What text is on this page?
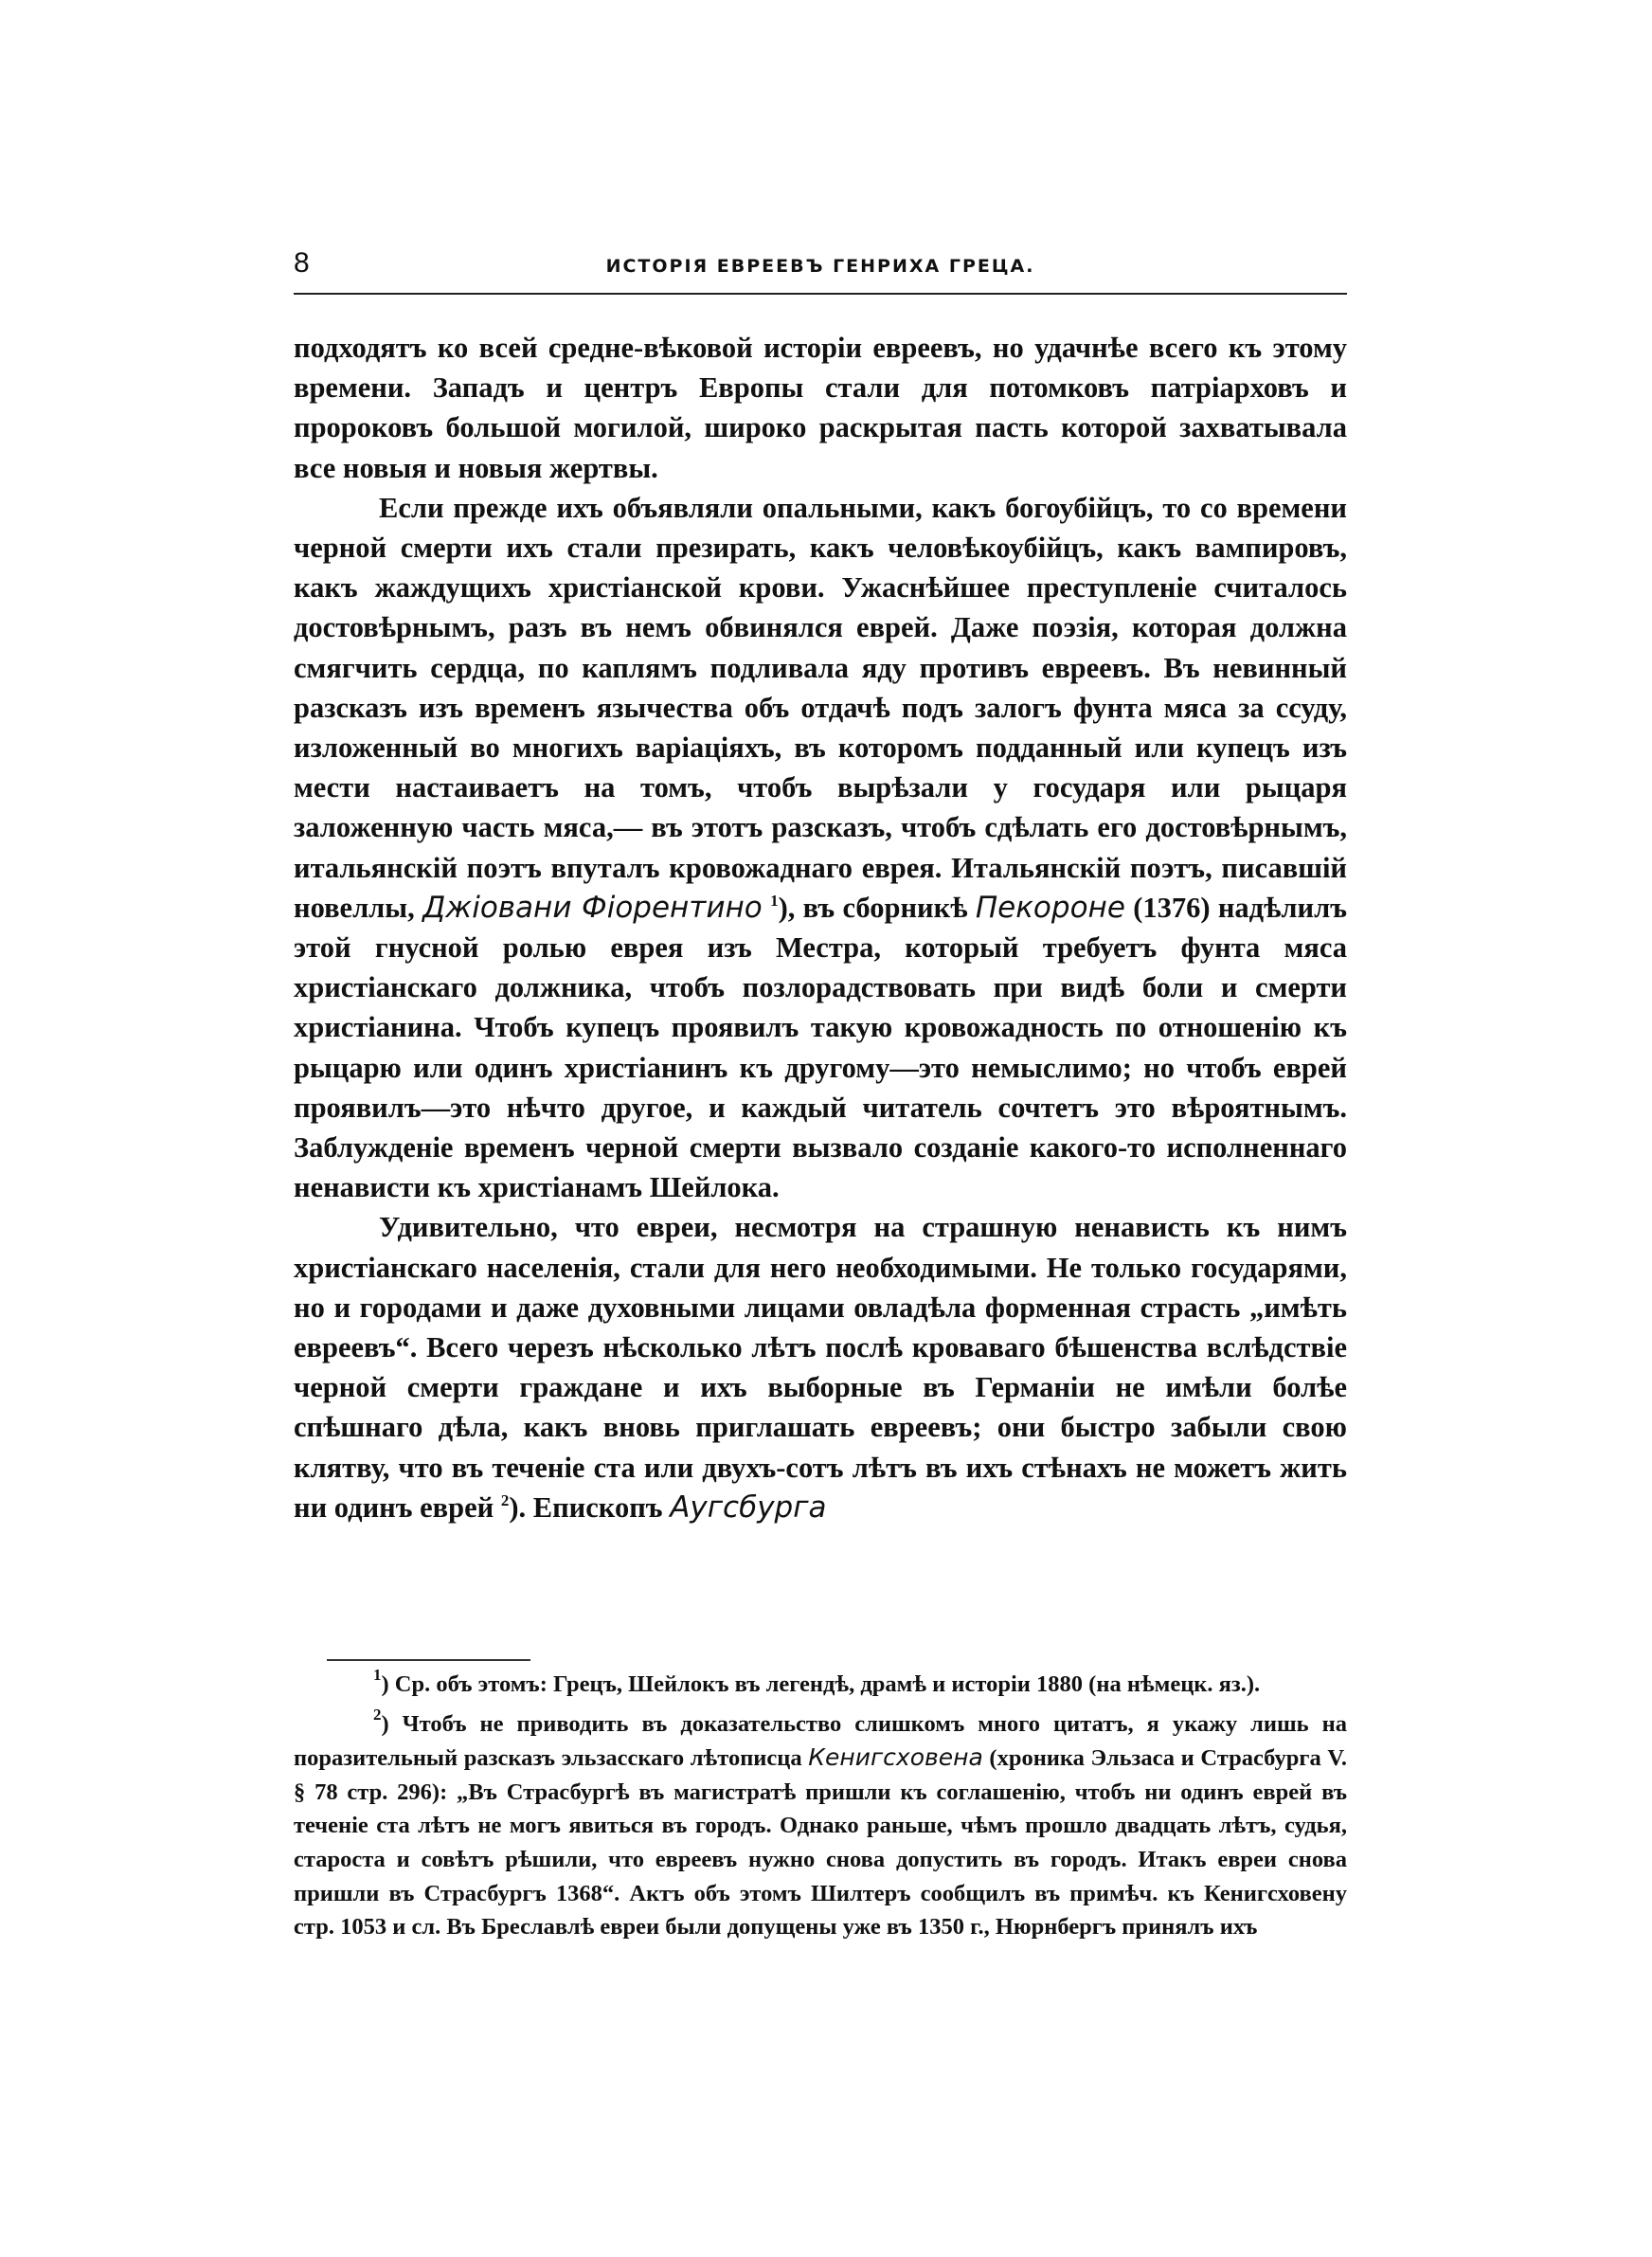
8	ИСТОРІЯ ЕВРЕЕВЪ ГЕНРИХА ГРЕЦА.

подходятъ ко всей средне-вѣковой исторіи евреевъ, но удачнѣе всего къ этому времени. Западъ и центръ Европы стали для потомковъ патріарховъ и пророковъ большой могилой, широко раскрытая пасть которой захватывала все новыя и новыя жертвы.

Если прежде ихъ объявляли опальными, какъ богоубійцъ, то со времени черной смерти ихъ стали презирать, какъ человѣкоубійцъ, какъ вампировъ, какъ жаждущихъ христіанской крови. Ужаснѣйшее преступленіе считалось достовѣрнымъ, разъ въ немъ обвинялся еврей. Даже поэзія, которая должна смягчить сердца, по каплямъ подливала яду противъ евреевъ. Въ невинный разсказъ изъ временъ язычества объ отдачѣ подъ залогъ фунта мяса за ссуду, изложенный во многихъ варіаціяхъ, въ которомъ подданный или купецъ изъ мести настаиваетъ на томъ, чтобъ вырѣзали у государя или рыцаря заложенную часть мяса,— въ этотъ разсказъ, чтобъ сдѣлать его достовѣрнымъ, итальянскій поэтъ впуталъ кровожаднаго еврея. Итальянскій поэтъ, писавшій новеллы, Джіовани Фіорентино $^1$), въ сборникѣ Пекороне (1376) надѣлилъ этой гнусной ролью еврея изъ Местра, который требуетъ фунта мяса христіанскаго должника, чтобъ позлорадствовать при видѣ боли и смерти христіанина. Чтобъ купецъ проявилъ такую кровожадность по отношенію къ рыцарю или одинъ христіанинъ къ другому—это немыслимо; но чтобъ еврей проявилъ—это нѣчто другое, и каждый читатель сочтетъ это вѣроятнымъ. Заблужденіе временъ черной смерти вызвало созданіе какого-то исполненнаго ненависти къ христіанамъ Шейлока.

Удивительно, что евреи, несмотря на страшную ненависть къ нимъ христіанскаго населенія, стали для него необходимыми. Не только государями, но и городами и даже духовными лицами овладѣла форменная страсть „имѣть евреевъ“. Всего черезъ нѣсколько лѣтъ послѣ кроваваго бѣшенства вслѣдствіе черной смерти граждане и ихъ выборные въ Германіи не имѣли болѣе спѣшнаго дѣла, какъ вновь приглашать евреевъ; они быстро забыли свою клятву, что въ теченіе ста или двухъ-сотъ лѣтъ въ ихъ стѣнахъ не можетъ жить ни одинъ еврей $^2$). Епископъ Аугсбурга

$^1$) Ср. объ этомъ: Грецъ, Шейлокъ въ легендѣ, драмѣ и исторіи 1880 (на нѣмецк. яз.).

$^2$) Чтобъ не приводить въ доказательство слишкомъ много цитатъ, я укажу лишь на поразительный разсказъ эльзасскаго лѣтописца Кенигсховена (хроника Эльзаса и Страсбурга V. § 78 стр. 296): „Въ Страсбургѣ въ магистратѣ пришли къ соглашенію, чтобъ ни одинъ еврей въ теченіе ста лѣтъ не могъ явиться въ городъ. Однако раньше, чѣмъ прошло двадцать лѣтъ, судья, староста и совѣтъ рѣшили, что евреевъ нужно снова допустить въ городъ. Итакъ евреи снова пришли въ Страсбургъ 1368“. Актъ объ этомъ Шилтеръ сообщилъ въ примѣч. къ Кенигсховену стр. 1053 и сл. Въ Бреславлѣ евреи были допущены уже въ 1350 г., Нюрнбергъ принялъ ихъ
